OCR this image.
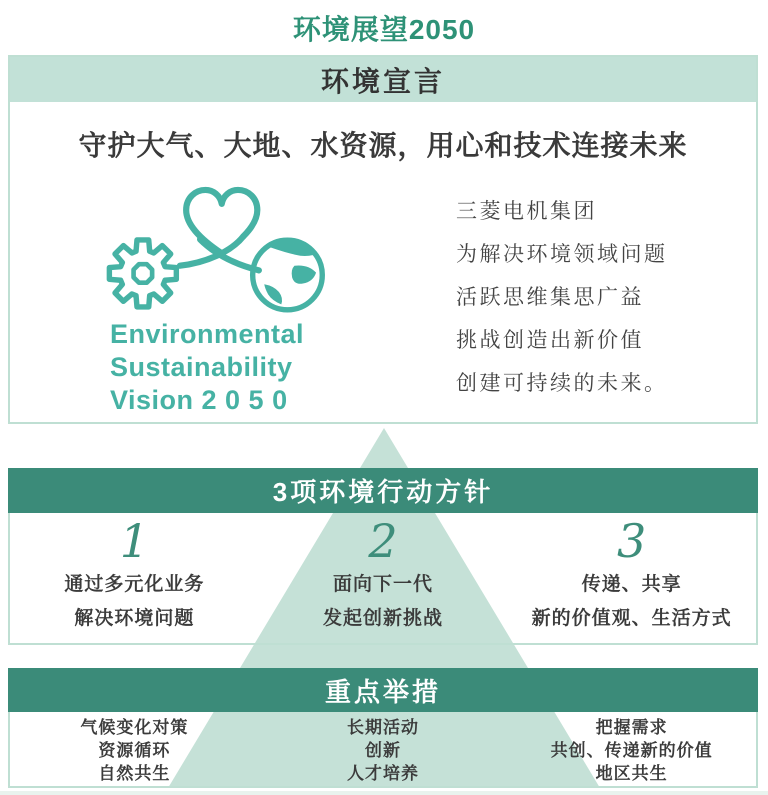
环境展望2050
环境宣言
守护大气、大地、水资源，用心和技术连接未来
Environmental
Sustainability
Vision 2 0 5 0
三菱电机集团
为解决环境领域问题
活跃思维集思广益
挑战创造出新价值
创建可持续的未来。
3项环境行动方针
1
通过多元化业务
解决环境问题
2
面向下一代
发起创新挑战
3
传递、共享
新的价值观、生活方式
重点举措
气候变化对策
资源循环
自然共生
长期活动
创新
人才培养
把握需求
共创、传递新的价值
地区共生
